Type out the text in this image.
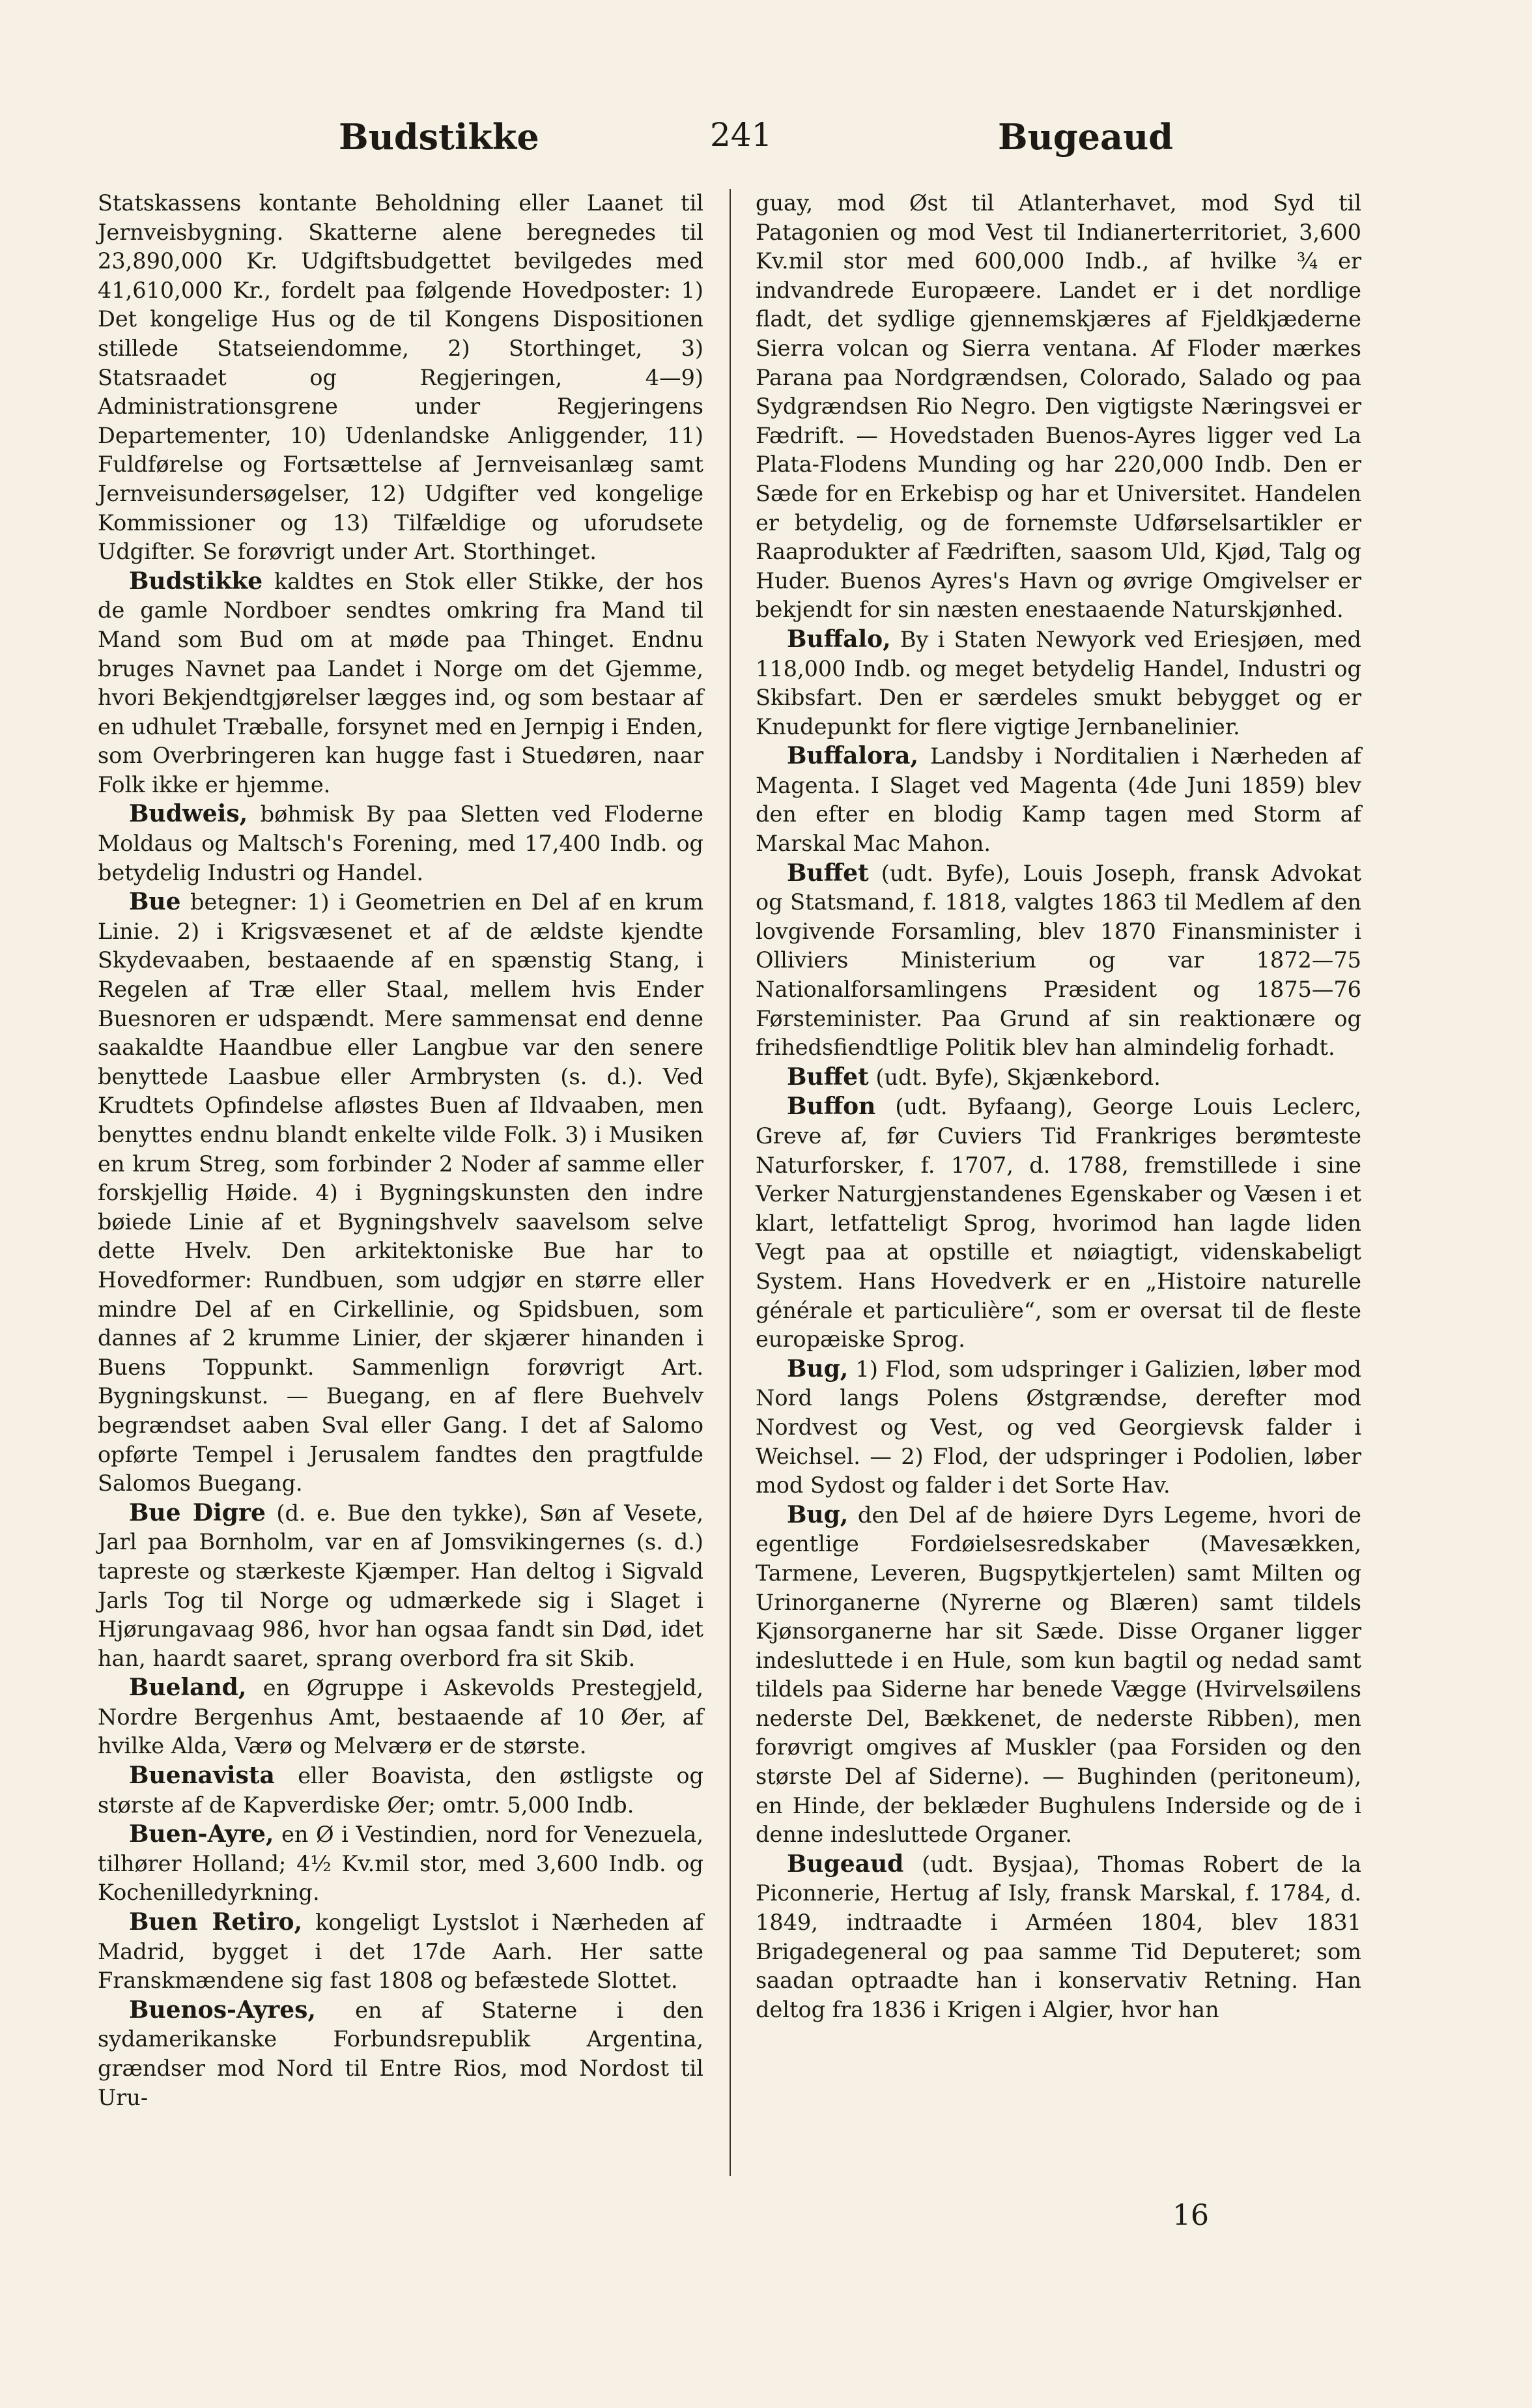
Budstikke	241	Bugeaud

Statskassens kontante Beholdning eller Laanet til Jernveisbygning. Skatterne alene beregnedes til 23,890,000 Kr. Udgiftsbudgettet bevilgedes med 41,610,000 Kr., fordelt paa følgende Hovedposter: 1) Det kongelige Hus og de til Kongens Dispositionen stillede Statseiendomme, 2) Storthinget, 3) Statsraadet og Regjeringen, 4—9) Administrationsgrene under Regjeringens Departementer, 10) Udenlandske Anliggender, 11) Fuldførelse og Fortsættelse af Jernveisanlæg samt Jernveisundersøgelser, 12) Udgifter ved kongelige Kommissioner og 13) Tilfældige og uforudsete Udgifter. Se forøvrigt under Art. Storthinget.

Budstikke kaldtes en Stok eller Stikke, der hos de gamle Nordboer sendtes omkring fra Mand til Mand som Bud om at møde paa Thinget. Endnu bruges Navnet paa Landet i Norge om det Gjemme, hvori Bekjendtgjørelser lægges ind, og som bestaar af en udhulet Træballe, forsynet med en Jernpig i Enden, som Overbringeren kan hugge fast i Stuedøren, naar Folk ikke er hjemme.

Budweis, bøhmisk By paa Sletten ved Floderne Moldaus og Maltsch's Forening, med 17,400 Indb. og betydelig Industri og Handel.

Bue betegner: 1) i Geometrien en Del af en krum Linie. 2) i Krigsvæsenet et af de ældste kjendte Skydevaaben, bestaaende af en spænstig Stang, i Regelen af Træ eller Staal, mellem hvis Ender Buesnoren er udspændt. Mere sammensat end denne saakaldte Haandbue eller Langbue var den senere benyttede Laasbue eller Armbrysten (s. d.). Ved Krudtets Opfindelse afløstes Buen af Ildvaaben, men benyttes endnu blandt enkelte vilde Folk. 3) i Musiken en krum Streg, som forbinder 2 Noder af samme eller forskjellig Høide. 4) i Bygningskunsten den indre bøiede Linie af et Bygningshvelv saavelsom selve dette Hvelv. Den arkitektoniske Bue har to Hovedformer: Rundbuen, som udgjør en større eller mindre Del af en Cirkellinie, og Spidsbuen, som dannes af 2 krumme Linier, der skjærer hinanden i Buens Toppunkt. Sammenlign forøvrigt Art. Bygningskunst. — Buegang, en af flere Buehvelv begrændset aaben Sval eller Gang. I det af Salomo opførte Tempel i Jerusalem fandtes den pragtfulde Salomos Buegang.

Bue Digre (d. e. Bue den tykke), Søn af Vesete, Jarl paa Bornholm, var en af Jomsvikingernes (s. d.) tapreste og stærkeste Kjæmper. Han deltog i Sigvald Jarls Tog til Norge og udmærkede sig i Slaget i Hjørungavaag 986, hvor han ogsaa fandt sin Død, idet han, haardt saaret, sprang overbord fra sit Skib.

Bueland, en Øgruppe i Askevolds Prestegjeld, Nordre Bergenhus Amt, bestaaende af 10 Øer, af hvilke Alda, Værø og Melværø er de største.

Buenavista eller Boavista, den østligste og største af de Kapverdiske Øer; omtr. 5,000 Indb.

Buen-Ayre, en Ø i Vestindien, nord for Venezuela, tilhører Holland; 4½ Kv.mil stor, med 3,600 Indb. og Kochenilledyrkning.

Buen Retiro, kongeligt Lystslot i Nærheden af Madrid, bygget i det 17de Aarh. Her satte Franskmændene sig fast 1808 og befæstede Slottet.

Buenos-Ayres, en af Staterne i den sydamerikanske Forbundsrepublik Argentina, grændser mod Nord til Entre Rios, mod Nordost til Uru-

guay, mod Øst til Atlanterhavet, mod Syd til Patagonien og mod Vest til Indianerterritoriet, 3,600 Kv.mil stor med 600,000 Indb., af hvilke ¾ er indvandrede Europæere. Landet er i det nordlige fladt, det sydlige gjennemskjæres af Fjeldkjæderne Sierra volcan og Sierra ventana. Af Floder mærkes Parana paa Nordgrændsen, Colorado, Salado og paa Sydgrændsen Rio Negro. Den vigtigste Næringsvei er Fædrift. — Hovedstaden Buenos-Ayres ligger ved La Plata-Flodens Munding og har 220,000 Indb. Den er Sæde for en Erkebisp og har et Universitet. Handelen er betydelig, og de fornemste Udførselsartikler er Raaprodukter af Fædriften, saasom Uld, Kjød, Talg og Huder. Buenos Ayres's Havn og øvrige Omgivelser er bekjendt for sin næsten enestaaende Naturskjønhed.

Buffalo, By i Staten Newyork ved Eriesjøen, med 118,000 Indb. og meget betydelig Handel, Industri og Skibsfart. Den er særdeles smukt bebygget og er Knudepunkt for flere vigtige Jernbanelinier.

Buffalora, Landsby i Norditalien i Nærheden af Magenta. I Slaget ved Magenta (4de Juni 1859) blev den efter en blodig Kamp tagen med Storm af Marskal Mac Mahon.

Buffet (udt. Byfe), Louis Joseph, fransk Advokat og Statsmand, f. 1818, valgtes 1863 til Medlem af den lovgivende Forsamling, blev 1870 Finansminister i Olliviers Ministerium og var 1872—75 Nationalforsamlingens Præsident og 1875—76 Førsteminister. Paa Grund af sin reaktionære og frihedsfiendtlige Politik blev han almindelig forhadt.

Buffet (udt. Byfe), Skjænkebord.

Buffon (udt. Byfaang), George Louis Leclerc, Greve af, før Cuviers Tid Frankriges berømteste Naturforsker, f. 1707, d. 1788, fremstillede i sine Verker Naturgjenstandenes Egenskaber og Væsen i et klart, letfatteligt Sprog, hvorimod han lagde liden Vegt paa at opstille et nøiagtigt, videnskabeligt System. Hans Hovedverk er en „Histoire naturelle générale et particulière“, som er oversat til de fleste europæiske Sprog.

Bug, 1) Flod, som udspringer i Galizien, løber mod Nord langs Polens Østgrændse, derefter mod Nordvest og Vest, og ved Georgievsk falder i Weichsel. — 2) Flod, der udspringer i Podolien, løber mod Sydost og falder i det Sorte Hav.

Bug, den Del af de høiere Dyrs Legeme, hvori de egentlige Fordøielsesredskaber (Mavesækken, Tarmene, Leveren, Bugspytkjertelen) samt Milten og Urinorganerne (Nyrerne og Blæren) samt tildels Kjønsorganerne har sit Sæde. Disse Organer ligger indesluttede i en Hule, som kun bagtil og nedad samt tildels paa Siderne har benede Vægge (Hvirvelsøilens nederste Del, Bækkenet, de nederste Ribben), men forøvrigt omgives af Muskler (paa Forsiden og den største Del af Siderne). — Bughinden (peritoneum), en Hinde, der beklæder Bughulens Inderside og de i denne indesluttede Organer.

Bugeaud (udt. Bysjaa), Thomas Robert de la Piconnerie, Hertug af Isly, fransk Marskal, f. 1784, d. 1849, indtraadte i Arméen 1804, blev 1831 Brigadegeneral og paa samme Tid Deputeret; som saadan optraadte han i konservativ Retning. Han deltog fra 1836 i Krigen i Algier, hvor han

16
